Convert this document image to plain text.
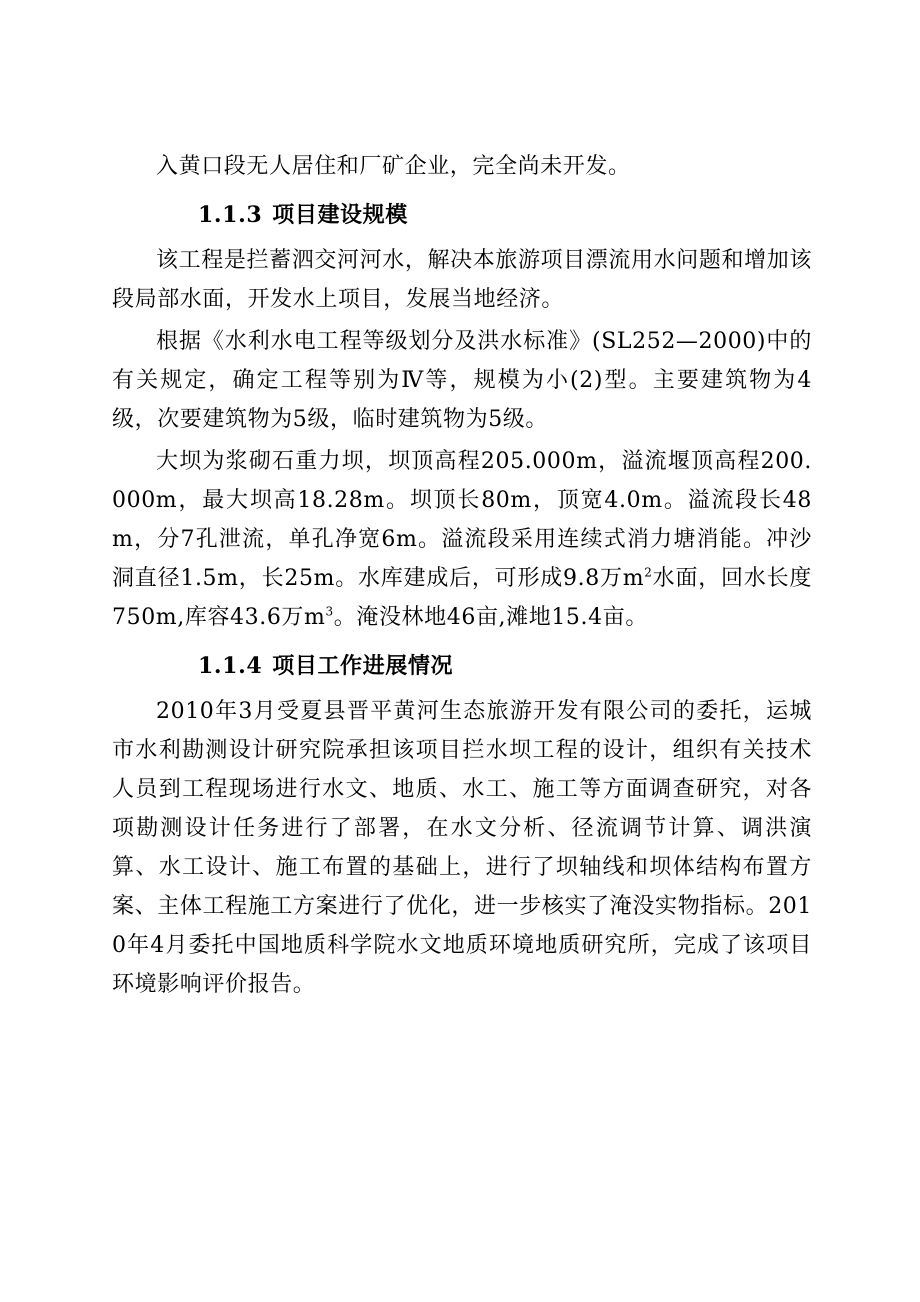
入黄口段无人居住和厂矿企业，完全尚未开发。

1.1.3 项目建设规模

该工程是拦蓄泗交河河水，解决本旅游项目漂流用水问题和增加该段局部水面，开发水上项目，发展当地经济。

根据《水利水电工程等级划分及洪水标准》(SL252—2000)中的有关规定，确定工程等别为Ⅳ等，规模为小(2)型。主要建筑物为4级，次要建筑物为5级，临时建筑物为5级。

大坝为浆砌石重力坝，坝顶高程205.000m，溢流堰顶高程200.000m，最大坝高18.28m。坝顶长80m，顶宽4.0m。溢流段长48m，分7孔泄流，单孔净宽6m。溢流段采用连续式消力塘消能。冲沙洞直径1.5m，长25m。水库建成后，可形成9.8万$m^2$水面，回水长度750m,库容43.6万$m^3$。淹没林地46亩,滩地15.4亩。

1.1.4 项目工作进展情况

2010年3月受夏县晋平黄河生态旅游开发有限公司的委托，运城市水利勘测设计研究院承担该项目拦水坝工程的设计，组织有关技术人员到工程现场进行水文、地质、水工、施工等方面调查研究，对各项勘测设计任务进行了部署，在水文分析、径流调节计算、调洪演算、水工设计、施工布置的基础上，进行了坝轴线和坝体结构布置方案、主体工程施工方案进行了优化，进一步核实了淹没实物指标。2010年4月委托中国地质科学院水文地质环境地质研究所，完成了该项目环境影响评价报告。
